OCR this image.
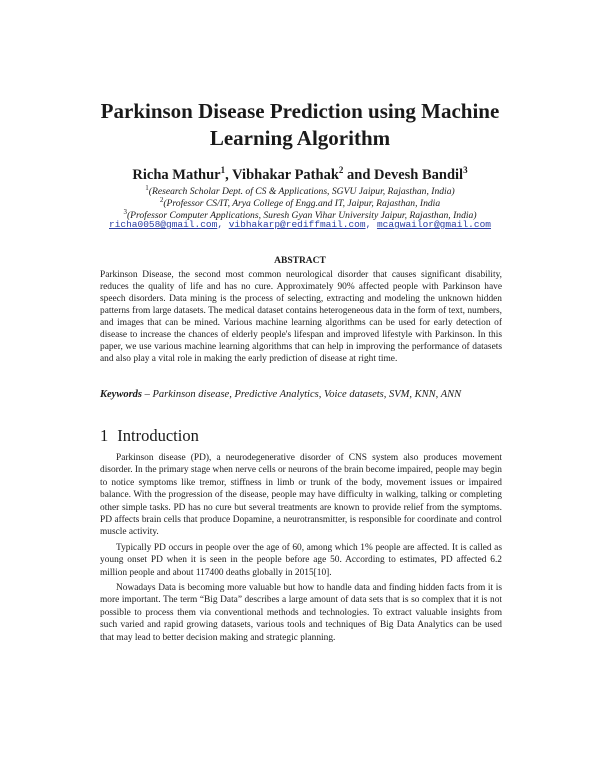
Parkinson Disease Prediction using Machine
Learning Algorithm
Richa Mathur$^1$, Vibhakar Pathak$^2$ and Devesh Bandil$^3$
$^1$(Research Scholar Dept. of CS & Applications, SGVU Jaipur, Rajasthan, India)
$^2$(Professor CS/IT, Arya College of Engg.and IT, Jaipur, Rajasthan, India
$^3$(Professor Computer Applications, Suresh Gyan Vihar University Jaipur, Rajasthan, India)
richa0058@gmail.com, vibhakarp@rediffmail.com, mcagwailor@gmail.com
ABSTRACT
Parkinson Disease, the second most common neurological disorder that causes significant disability, reduces the quality of life and has no cure. Approximately 90% affected people with Parkinson have speech disorders. Data mining is the process of selecting, extracting and modeling the unknown hidden patterns from large datasets. The medical dataset contains heterogeneous data in the form of text, numbers, and images that can be mined. Various machine learning algorithms can be used for early detection of disease to increase the chances of elderly people's lifespan and improved lifestyle with Parkinson. In this paper, we use various machine learning algorithms that can help in improving the performance of datasets and also play a vital role in making the early prediction of disease at right time.
Keywords – Parkinson disease, Predictive Analytics, Voice datasets, SVM, KNN, ANN
1 Introduction

Parkinson disease (PD), a neurodegenerative disorder of CNS system also produces movement disorder. In the primary stage when nerve cells or neurons of the brain become impaired, people may begin to notice symptoms like tremor, stiffness in limb or trunk of the body, movement issues or impaired balance. With the progression of the disease, people may have difficulty in walking, talking or completing other simple tasks. PD has no cure but several treatments are known to provide relief from the symptoms. PD affects brain cells that produce Dopamine, a neurotransmitter, is responsible for coordinate and control muscle activity.

Typically PD occurs in people over the age of 60, among which 1% people are affected. It is called as young onset PD when it is seen in the people before age 50. According to estimates, PD affected 6.2 million people and about 117400 deaths globally in 2015[10].

Nowadays Data is becoming more valuable but how to handle data and finding hidden facts from it is more important. The term “Big Data” describes a large amount of data sets that is so complex that it is not possible to process them via conventional methods and technologies. To extract valuable insights from such varied and rapid growing datasets, various tools and techniques of Big Data Analytics can be used that may lead to better decision making and strategic planning.
